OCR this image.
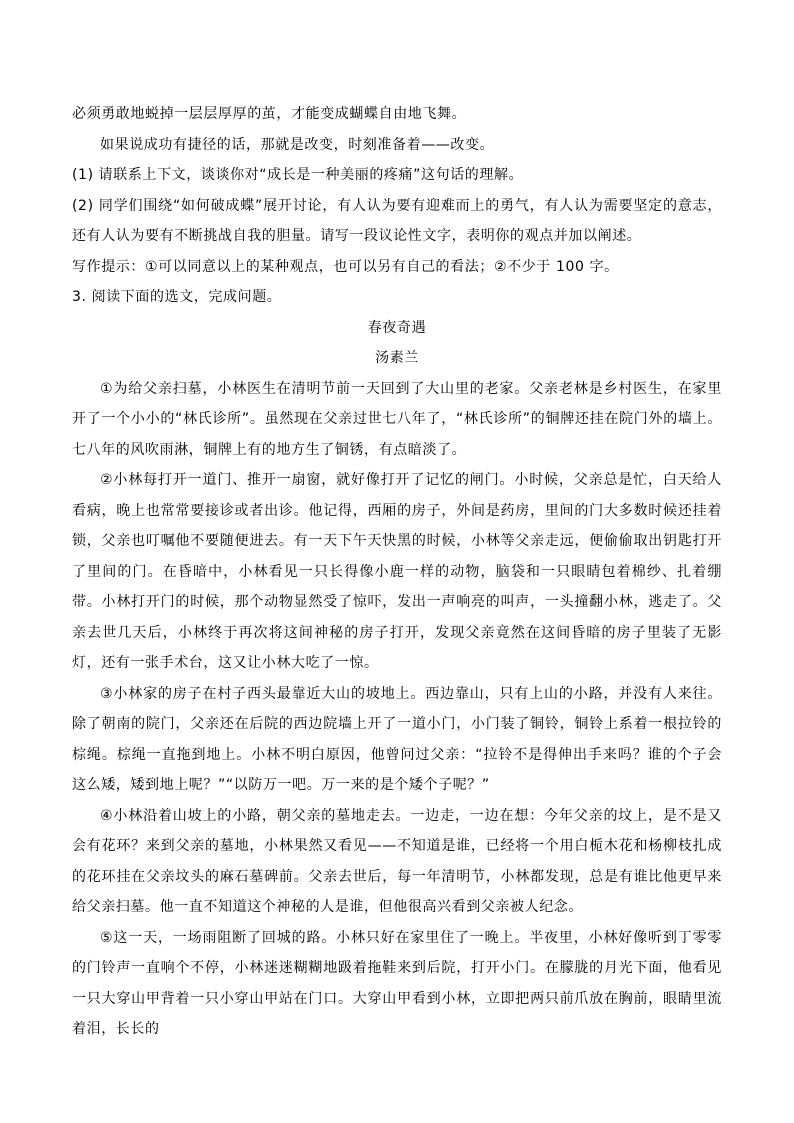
必须勇敢地蜕掉一层层厚厚的茧，才能变成蝴蝶自由地飞舞。

如果说成功有捷径的话，那就是改变，时刻准备着——改变。

(1) 请联系上下文，谈谈你对“成长是一种美丽的疼痛”这句话的理解。

(2) 同学们围绕“如何破成蝶”展开讨论，有人认为要有迎难而上的勇气，有人认为需要坚定的意志，还有人认为要有不断挑战自我的胆量。请写一段议论性文字，表明你的观点并加以阐述。

写作提示：①可以同意以上的某种观点，也可以另有自己的看法；②不少于 100 字。

3. 阅读下面的选文，完成问题。

春夜奇遇

汤素兰

①为给父亲扫墓，小林医生在清明节前一天回到了大山里的老家。父亲老林是乡村医生，在家里开了一个小小的“林氏诊所”。虽然现在父亲过世七八年了，“林氏诊所”的铜牌还挂在院门外的墙上。七八年的风吹雨淋，铜牌上有的地方生了铜锈，有点暗淡了。

②小林每打开一道门、推开一扇窗，就好像打开了记忆的闸门。小时候，父亲总是忙，白天给人看病，晚上也常常要接诊或者出诊。他记得，西厢的房子，外间是药房，里间的门大多数时候还挂着锁，父亲也叮嘱他不要随便进去。有一天下午天快黑的时候，小林等父亲走远，便偷偷取出钥匙打开了里间的门。在昏暗中，小林看见一只长得像小鹿一样的动物，脑袋和一只眼睛包着棉纱、扎着绷带。小林打开门的时候，那个动物显然受了惊吓，发出一声响亮的叫声，一头撞翻小林，逃走了。父亲去世几天后，小林终于再次将这间神秘的房子打开，发现父亲竟然在这间昏暗的房子里装了无影灯，还有一张手术台，这又让小林大吃了一惊。

③小林家的房子在村子西头最靠近大山的坡地上。西边靠山，只有上山的小路，并没有人来往。除了朝南的院门，父亲还在后院的西边院墙上开了一道小门，小门装了铜铃，铜铃上系着一根拉铃的棕绳。棕绳一直拖到地上。小林不明白原因，他曾问过父亲：“拉铃不是得伸出手来吗？谁的个子会这么矮，矮到地上呢？”“以防万一吧。万一来的是个矮个子呢？”

④小林沿着山坡上的小路，朝父亲的墓地走去。一边走，一边在想：今年父亲的坟上，是不是又会有花环？来到父亲的墓地，小林果然又看见——不知道是谁，已经将一个用白栀木花和杨柳枝扎成的花环挂在父亲坟头的麻石墓碑前。父亲去世后，每一年清明节，小林都发现，总是有谁比他更早来给父亲扫墓。他一直不知道这个神秘的人是谁，但他很高兴看到父亲被人纪念。

⑤这一天，一场雨阻断了回城的路。小林只好在家里住了一晚上。半夜里，小林好像听到丁零零的门铃声一直响个不停，小林迷迷糊糊地趿着拖鞋来到后院，打开小门。在朦胧的月光下面，他看见一只大穿山甲背着一只小穿山甲站在门口。大穿山甲看到小林，立即把两只前爪放在胸前，眼睛里流着泪，长长的
